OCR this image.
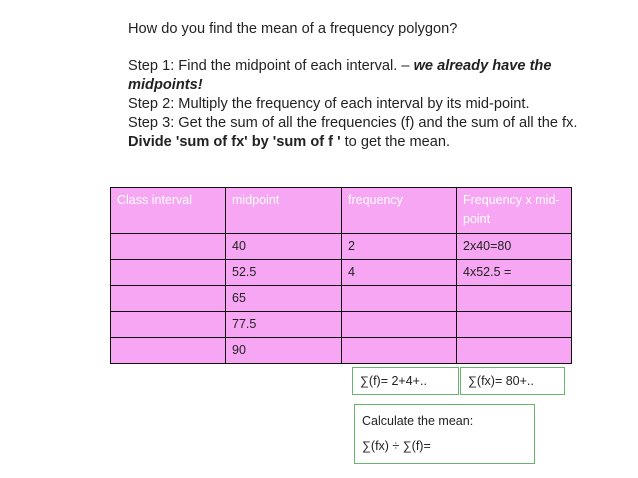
How do you find the mean of a frequency polygon?
Step 1: Find the midpoint of each interval. – we already have the
midpoints!
Step 2: Multiply the frequency of each interval by its mid-point.
Step 3: Get the sum of all the frequencies (f) and the sum of all the fx.
Divide 'sum of fx' by 'sum of f ' to get the mean.
Class interval	midpoint	frequency	Frequency x mid-point
	40	2	2x40=80
	52.5	4	4x52.5 =
	65		
	77.5		
	90		
∑(f)= 2+4+..	∑(fx)= 80+..
Calculate the mean:
∑(fx) ÷ ∑(f)=
